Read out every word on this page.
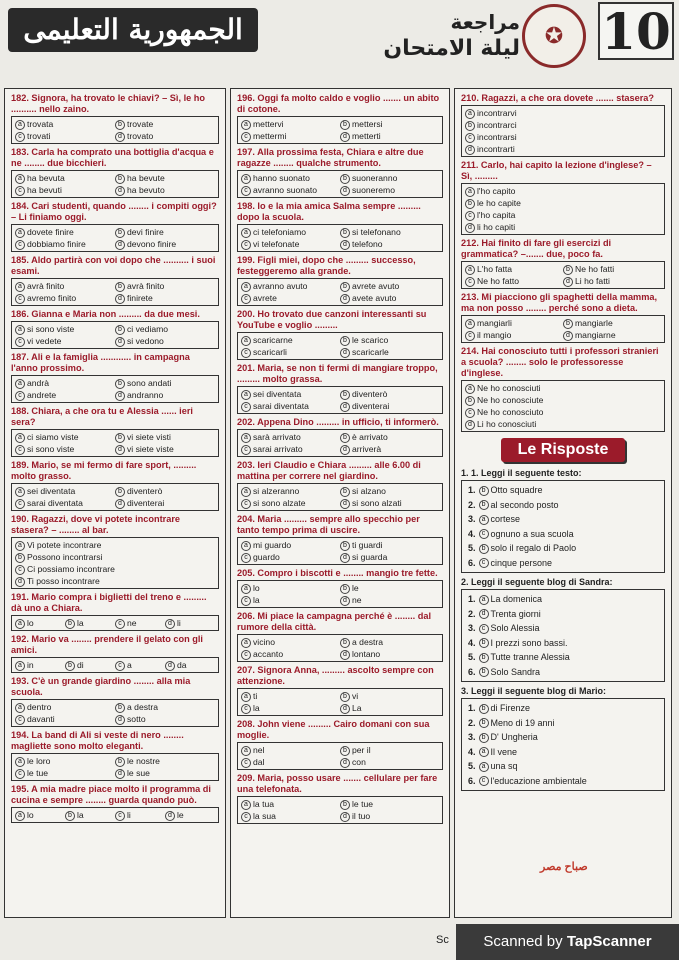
الجمهورية التعليمى	مراجعة
ليلة الامتحان
✪ 10
182. Signora, ha trovato le chiavi? – Sì, le ho .......... nello zaino.
a trovata	b trovate
c trovati	d trovato
183. Carla ha comprato una bottiglia d'acqua e ne ........ due bicchieri.
a ha bevuta	b ha bevute
c ha bevuti	d ha bevuto
184. Cari studenti, quando ........ i compiti oggi? – Li finiamo oggi.
a dovete finire	b devi finire
c dobbiamo finire	d devono finire
185. Aldo partirà con voi dopo che .......... i suoi esami.
a avrà finito	b avrà finito
c avremo finito	d finirete
186. Gianna e Maria non ......... da due mesi.
a si sono viste	b ci vediamo
c vi vedete	d si vedono
187. Ali e la famiglia ............ in campagna l'anno prossimo.
a andrà	b sono andati
c andrete	d andranno
188. Chiara, a che ora tu e Alessia ...... ieri sera?
a ci siamo viste	b vi siete visti
c si sono viste	d vi siete viste
189. Mario, se mi fermo di fare sport, ......... molto grasso.
a sei diventata	b diventerò
c sarai diventata	d diventerai
190. Ragazzi, dove vi potete incontrare stasera? – ........ al bar.
a Vi potete incontrare
b Possono incontrarsi
c Ci possiamo incontrare
d Ti posso incontrare
191. Mario compra i biglietti del treno e ......... dà uno a Chiara.
a lo	b la	c ne	d li
192. Mario va ........ prendere il gelato con gli amici.
a in	b di	c a	d da
193. C'è un grande giardino ........ alla mia scuola.
a dentro	b a destra
c davanti	d sotto
194. La band di Ali si veste di nero ........ magliette sono molto eleganti.
a le loro	b le nostre
c le tue	d le sue
195. A mia madre piace molto il programma di cucina e sempre ........ guarda quando può.
a lo	b la	c li	d le
196. Oggi fa molto caldo e voglio ....... un abito di cotone.
a mettervi	b mettersi
c mettermi	d metterti
197. Alla prossima festa, Chiara e altre due ragazze ........ qualche strumento.
a hanno suonato	b suoneranno
c avranno suonato	d suoneremo
198. Io e la mia amica Salma sempre ......... dopo la scuola.
a ci telefoniamo	b si telefonano
c vi telefonate	d telefono
199. Figli miei, dopo che ......... successo, festeggeremo alla grande.
a avranno avuto	b avrete avuto
c avrete	d avete avuto
200. Ho trovato due canzoni interessanti su YouTube e voglio .........
a scaricarne	b le scarico
c scaricarli	d scaricarle
201. Maria, se non ti fermi di mangiare troppo, ......... molto grassa.
a sei diventata	b diventerò
c sarai diventata	d diventerai
202. Appena Dino ......... in ufficio, ti informerò.
a sarà arrivato	b è arrivato
c sarai arrivato	d arriverà
203. Ieri Claudio e Chiara ......... alle 6.00 di mattina per correre nel giardino.
a si alzeranno	b si alzano
c si sono alzate	d si sono alzati
204. Maria ......... sempre allo specchio per tanto tempo prima di uscire.
a mi guardo	b ti guardi
c guardo	d si guarda
205. Compro i biscotti e ........ mangio tre fette.
a lo	b le
c la	d ne
206. Mi piace la campagna perché è ........ dal rumore della città.
a vicino	b a destra
c accanto	d lontano
207. Signora Anna, ......... ascolto sempre con attenzione.
a ti	b vi
c la	d La
208. John viene ......... Cairo domani con sua moglie.
a nel	b per il
c dal	d con
209. Maria, posso usare ....... cellulare per fare una telefonata.
a la tua	b le tue
c la sua	d il tuo
210. Ragazzi, a che ora dovete ....... stasera?
a incontrarvi
b incontrarci
c incontrarsi
d incontrarti
211. Carlo, hai capito la lezione d'inglese? – Sì, .........
a l'ho capito
b le ho capite
c l'ho capita
d li ho capiti
212. Hai finito di fare gli esercizi di grammatica? –....... due, poco fa.
a L'ho fatta	b Ne ho fatti
c Ne ho fatto	d Li ho fatti
213. Mi piacciono gli spaghetti della mamma, ma non posso ........ perché sono a dieta.
a mangiarli	b mangiarle
c il mangio	d mangiarne
214. Hai conosciuto tutti i professori stranieri a scuola? ........ solo le professoresse d'inglese.
a Ne ho conosciuti
b Ne ho conosciute
c Ne ho conosciuto
d Li ho conosciuti
Le Risposte
1. 1. Leggi il seguente testo:
1. b Otto squadre
2. b al secondo posto
3. a cortese
4. c ognuno a sua scuola
5. b solo il regalo di Paolo
6. c cinque persone
2. Leggi il seguente blog di Sandra:
1. a La domenica
2. d Trenta giorni
3. c Solo Alessia
4. b I prezzi sono bassi.
5. b Tutte tranne Alessia
6. b Solo Sandra
3. Leggi il seguente blog di Mario:
1. b di Firenze
2. b Meno di 19 anni
3. b D' Ungheria
4. a Il vene
5. a una sq
6. c l'educazione ambientale
صباح مصر
Sc	Scanned by TapScanner
